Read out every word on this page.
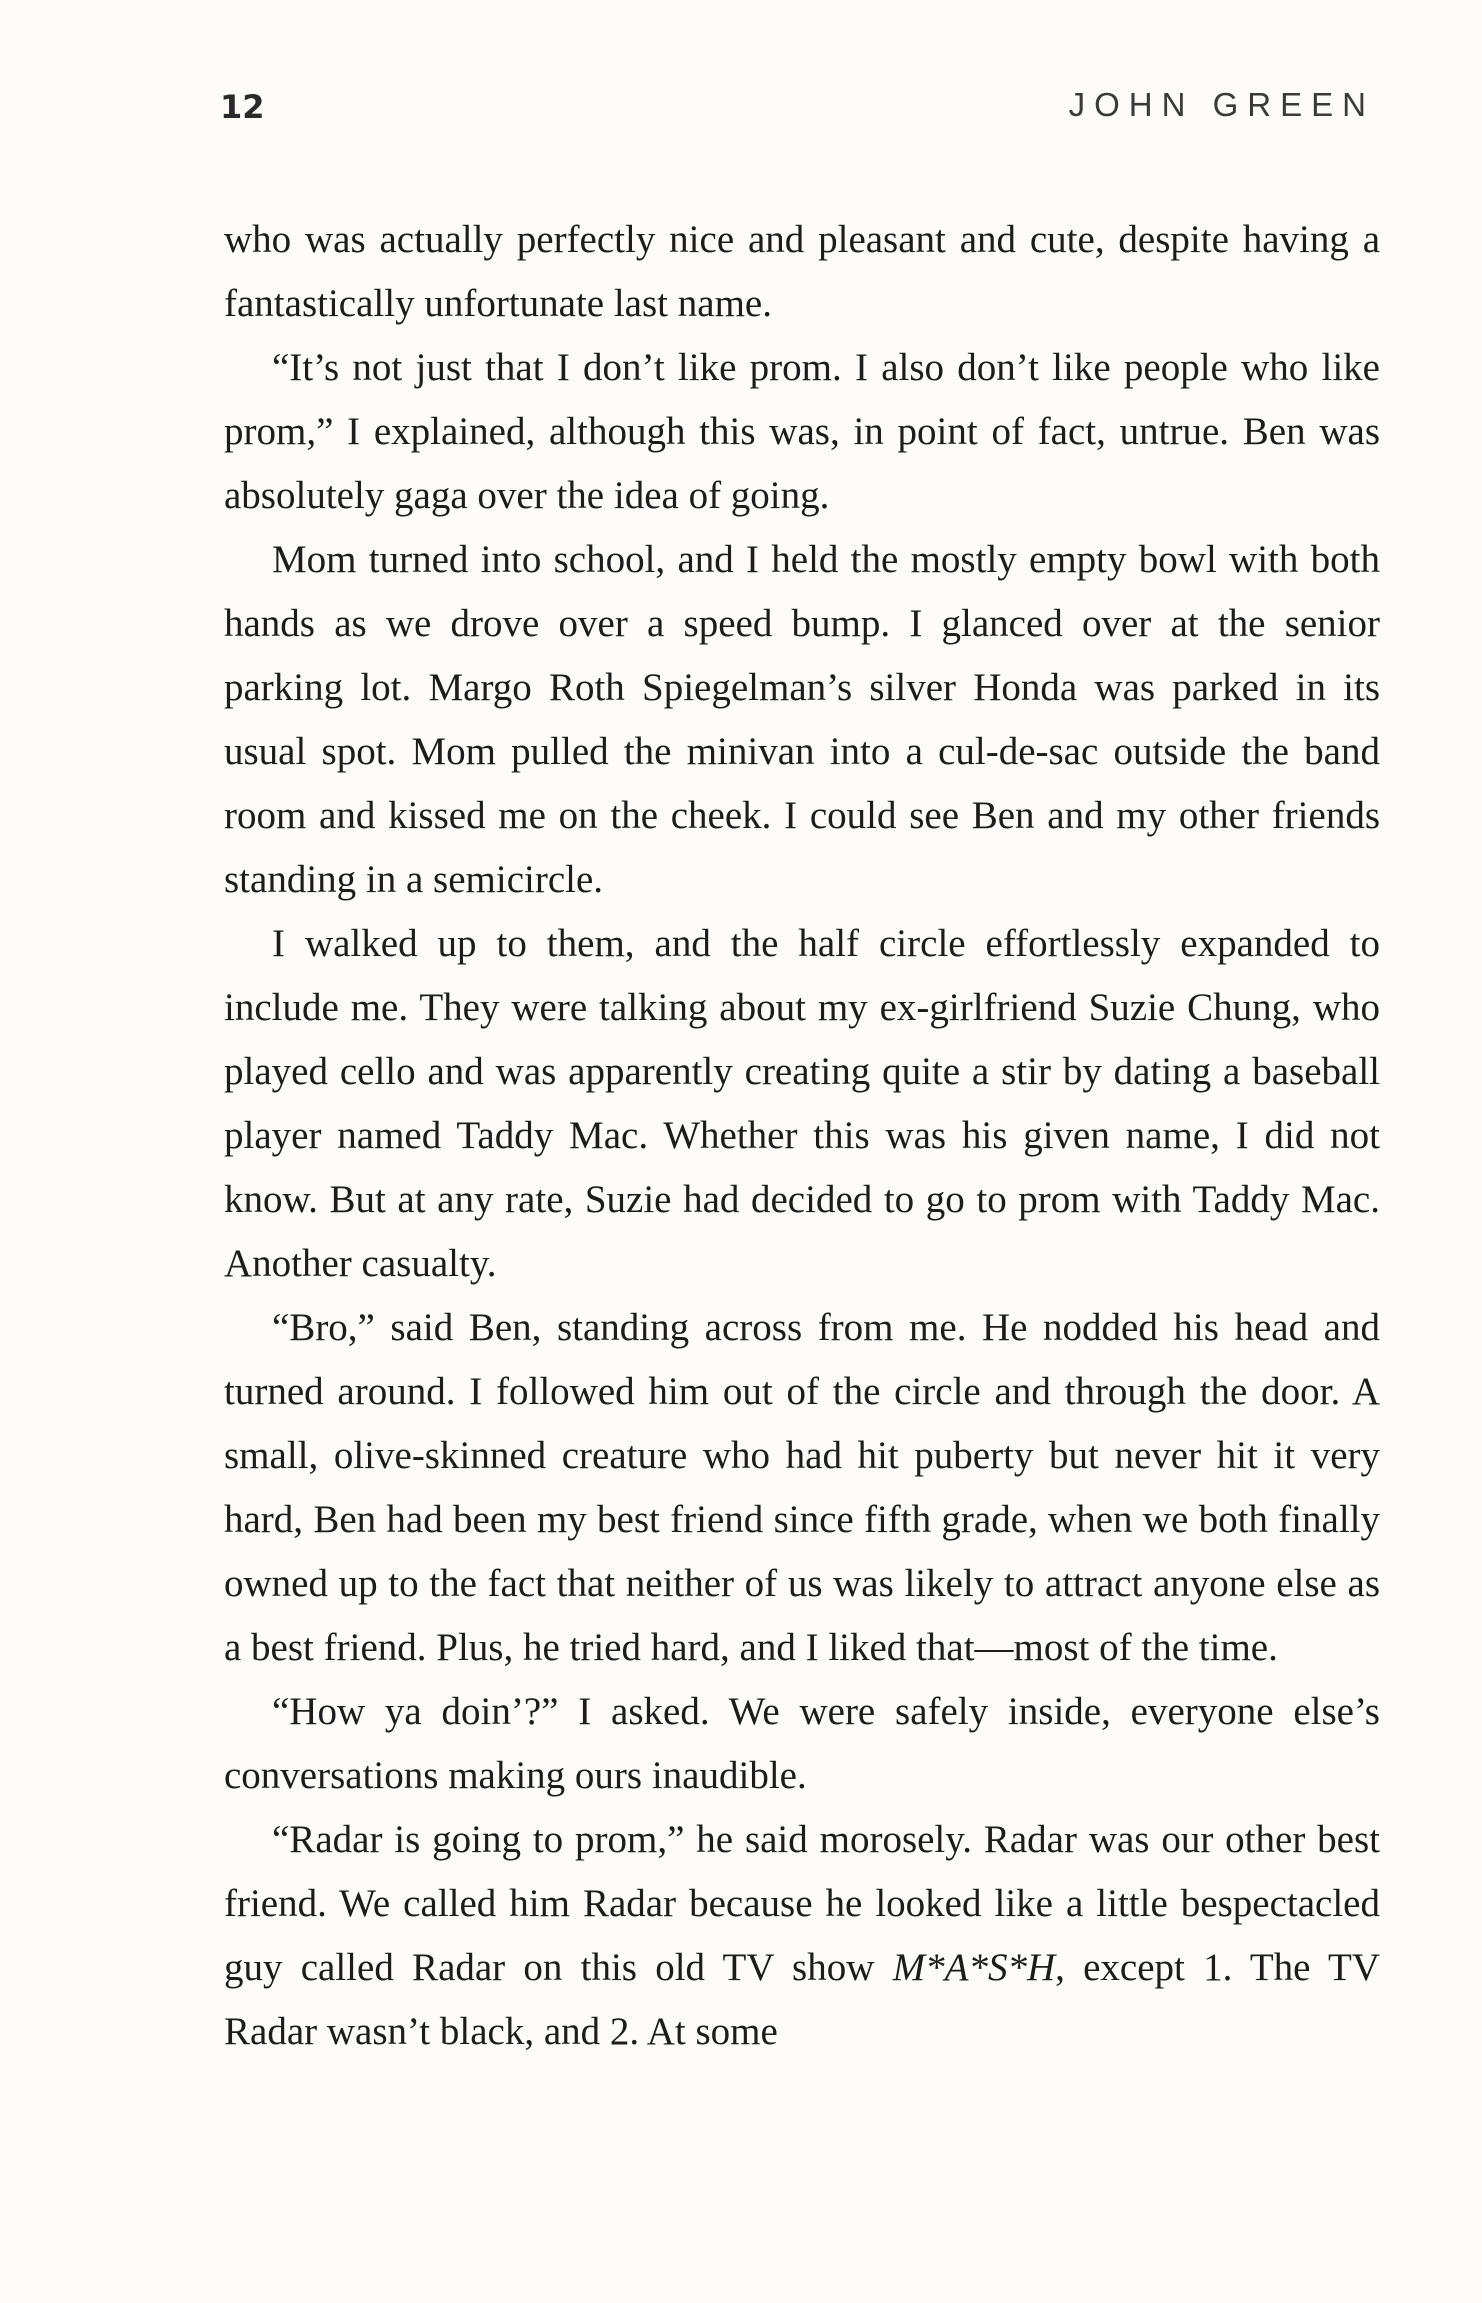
12	JOHN GREEN

who was actually perfectly nice and pleasant and cute, despite having a fantastically unfortunate last name.

“It’s not just that I don’t like prom. I also don’t like people who like prom,” I explained, although this was, in point of fact, untrue. Ben was absolutely gaga over the idea of going.

Mom turned into school, and I held the mostly empty bowl with both hands as we drove over a speed bump. I glanced over at the senior parking lot. Margo Roth Spiegelman’s silver Honda was parked in its usual spot. Mom pulled the minivan into a cul-de-sac outside the band room and kissed me on the cheek. I could see Ben and my other friends standing in a semicircle.

I walked up to them, and the half circle effortlessly expanded to include me. They were talking about my ex-girlfriend Suzie Chung, who played cello and was apparently creating quite a stir by dating a baseball player named Taddy Mac. Whether this was his given name, I did not know. But at any rate, Suzie had decided to go to prom with Taddy Mac. Another casualty.

“Bro,” said Ben, standing across from me. He nodded his head and turned around. I followed him out of the circle and through the door. A small, olive-skinned creature who had hit puberty but never hit it very hard, Ben had been my best friend since fifth grade, when we both finally owned up to the fact that neither of us was likely to attract anyone else as a best friend. Plus, he tried hard, and I liked that—most of the time.

“How ya doin’?” I asked. We were safely inside, everyone else’s conversations making ours inaudible.

“Radar is going to prom,” he said morosely. Radar was our other best friend. We called him Radar because he looked like a little bespectacled guy called Radar on this old TV show M*A*S*H, except 1. The TV Radar wasn’t black, and 2. At some
